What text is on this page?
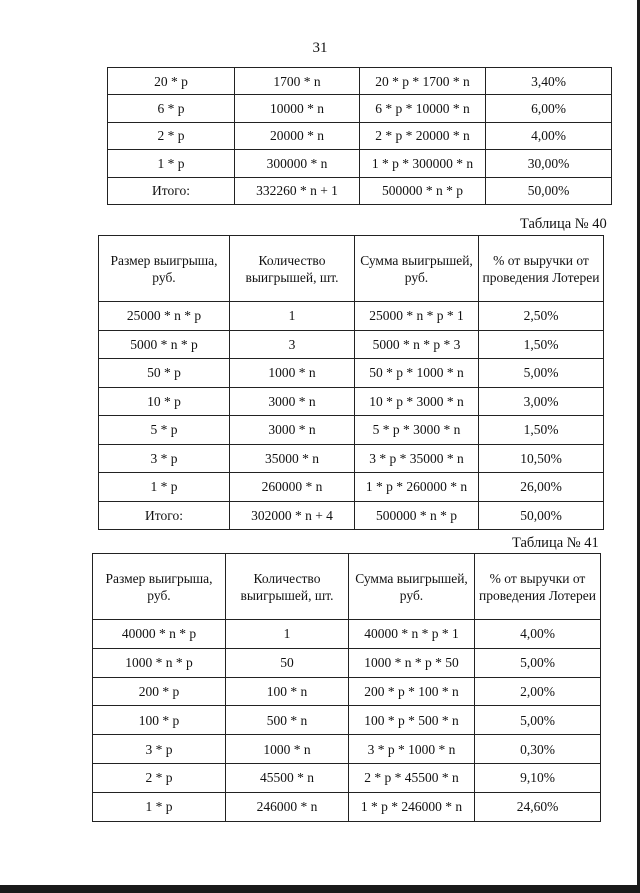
31
20 * p	1700 * n	20 * p * 1700 * n	3,40%
6 * p	10000 * n	6 * p * 10000 * n	6,00%
2 * p	20000 * n	2 * p * 20000 * n	4,00%
1 * p	300000 * n	1 * p * 300000 * n	30,00%
Итого:	332260 * n + 1	500000 * n * p	50,00%
Таблица № 40
Размер выигрыша, руб.	Количество выигрышей, шт.	Сумма выигрышей, руб.	% от выручки от проведения Лотереи
25000 * n * p	1	25000 * n * p * 1	2,50%
5000 * n * p	3	5000 * n * p * 3	1,50%
50 * p	1000 * n	50 * p * 1000 * n	5,00%
10 * p	3000 * n	10 * p * 3000 * n	3,00%
5 * p	3000 * n	5 * p * 3000 * n	1,50%
3 * p	35000 * n	3 * p * 35000 * n	10,50%
1 * p	260000 * n	1 * p * 260000 * n	26,00%
Итого:	302000 * n + 4	500000 * n * p	50,00%
Таблица № 41
Размер выигрыша, руб.	Количество выигрышей, шт.	Сумма выигрышей, руб.	% от выручки от проведения Лотереи
40000 * n * p	1	40000 * n * p * 1	4,00%
1000 * n * p	50	1000 * n * p * 50	5,00%
200 * p	100 * n	200 * p * 100 * n	2,00%
100 * p	500 * n	100 * p * 500 * n	5,00%
3 * p	1000 * n	3 * p * 1000 * n	0,30%
2 * p	45500 * n	2 * p * 45500 * n	9,10%
1 * p	246000 * n	1 * p * 246000 * n	24,60%
